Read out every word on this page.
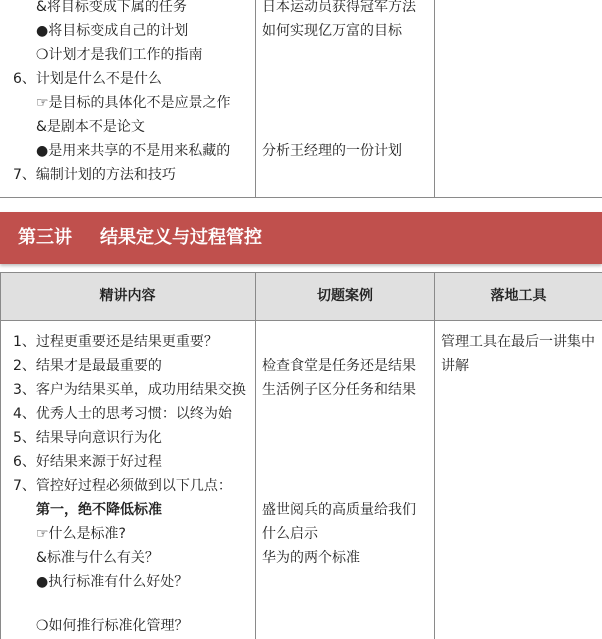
&将目标变成下属的任务
●将目标变成自己的计划
❍计划才是我们工作的指南
6、计划是什么不是什么
☞是目标的具体化不是应景之作
&是剧本不是论文
●是用来共享的不是用来私藏的
7、编制计划的方法和技巧
日本运动员获得冠军方法
如何实现亿万富的目标
分析王经理的一份计划
第三讲 结果定义与过程管控
精讲内容	切题案例	落地工具
1、过程更重要还是结果更重要？
2、结果才是最最重要的
3、客户为结果买单，成功用结果交换
4、优秀人士的思考习惯：以终为始
5、结果导向意识行为化
6、好结果来源于好过程
7、管控好过程必须做到以下几点：
第一，绝不降低标准
☞什么是标准?
&标准与什么有关？
●执行标准有什么好处？
❍如何推行标准化管理？
检查食堂是任务还是结果
生活例子区分任务和结果
盛世阅兵的高质量给我们
什么启示
华为的两个标准
管理工具在最后一讲集中
讲解
